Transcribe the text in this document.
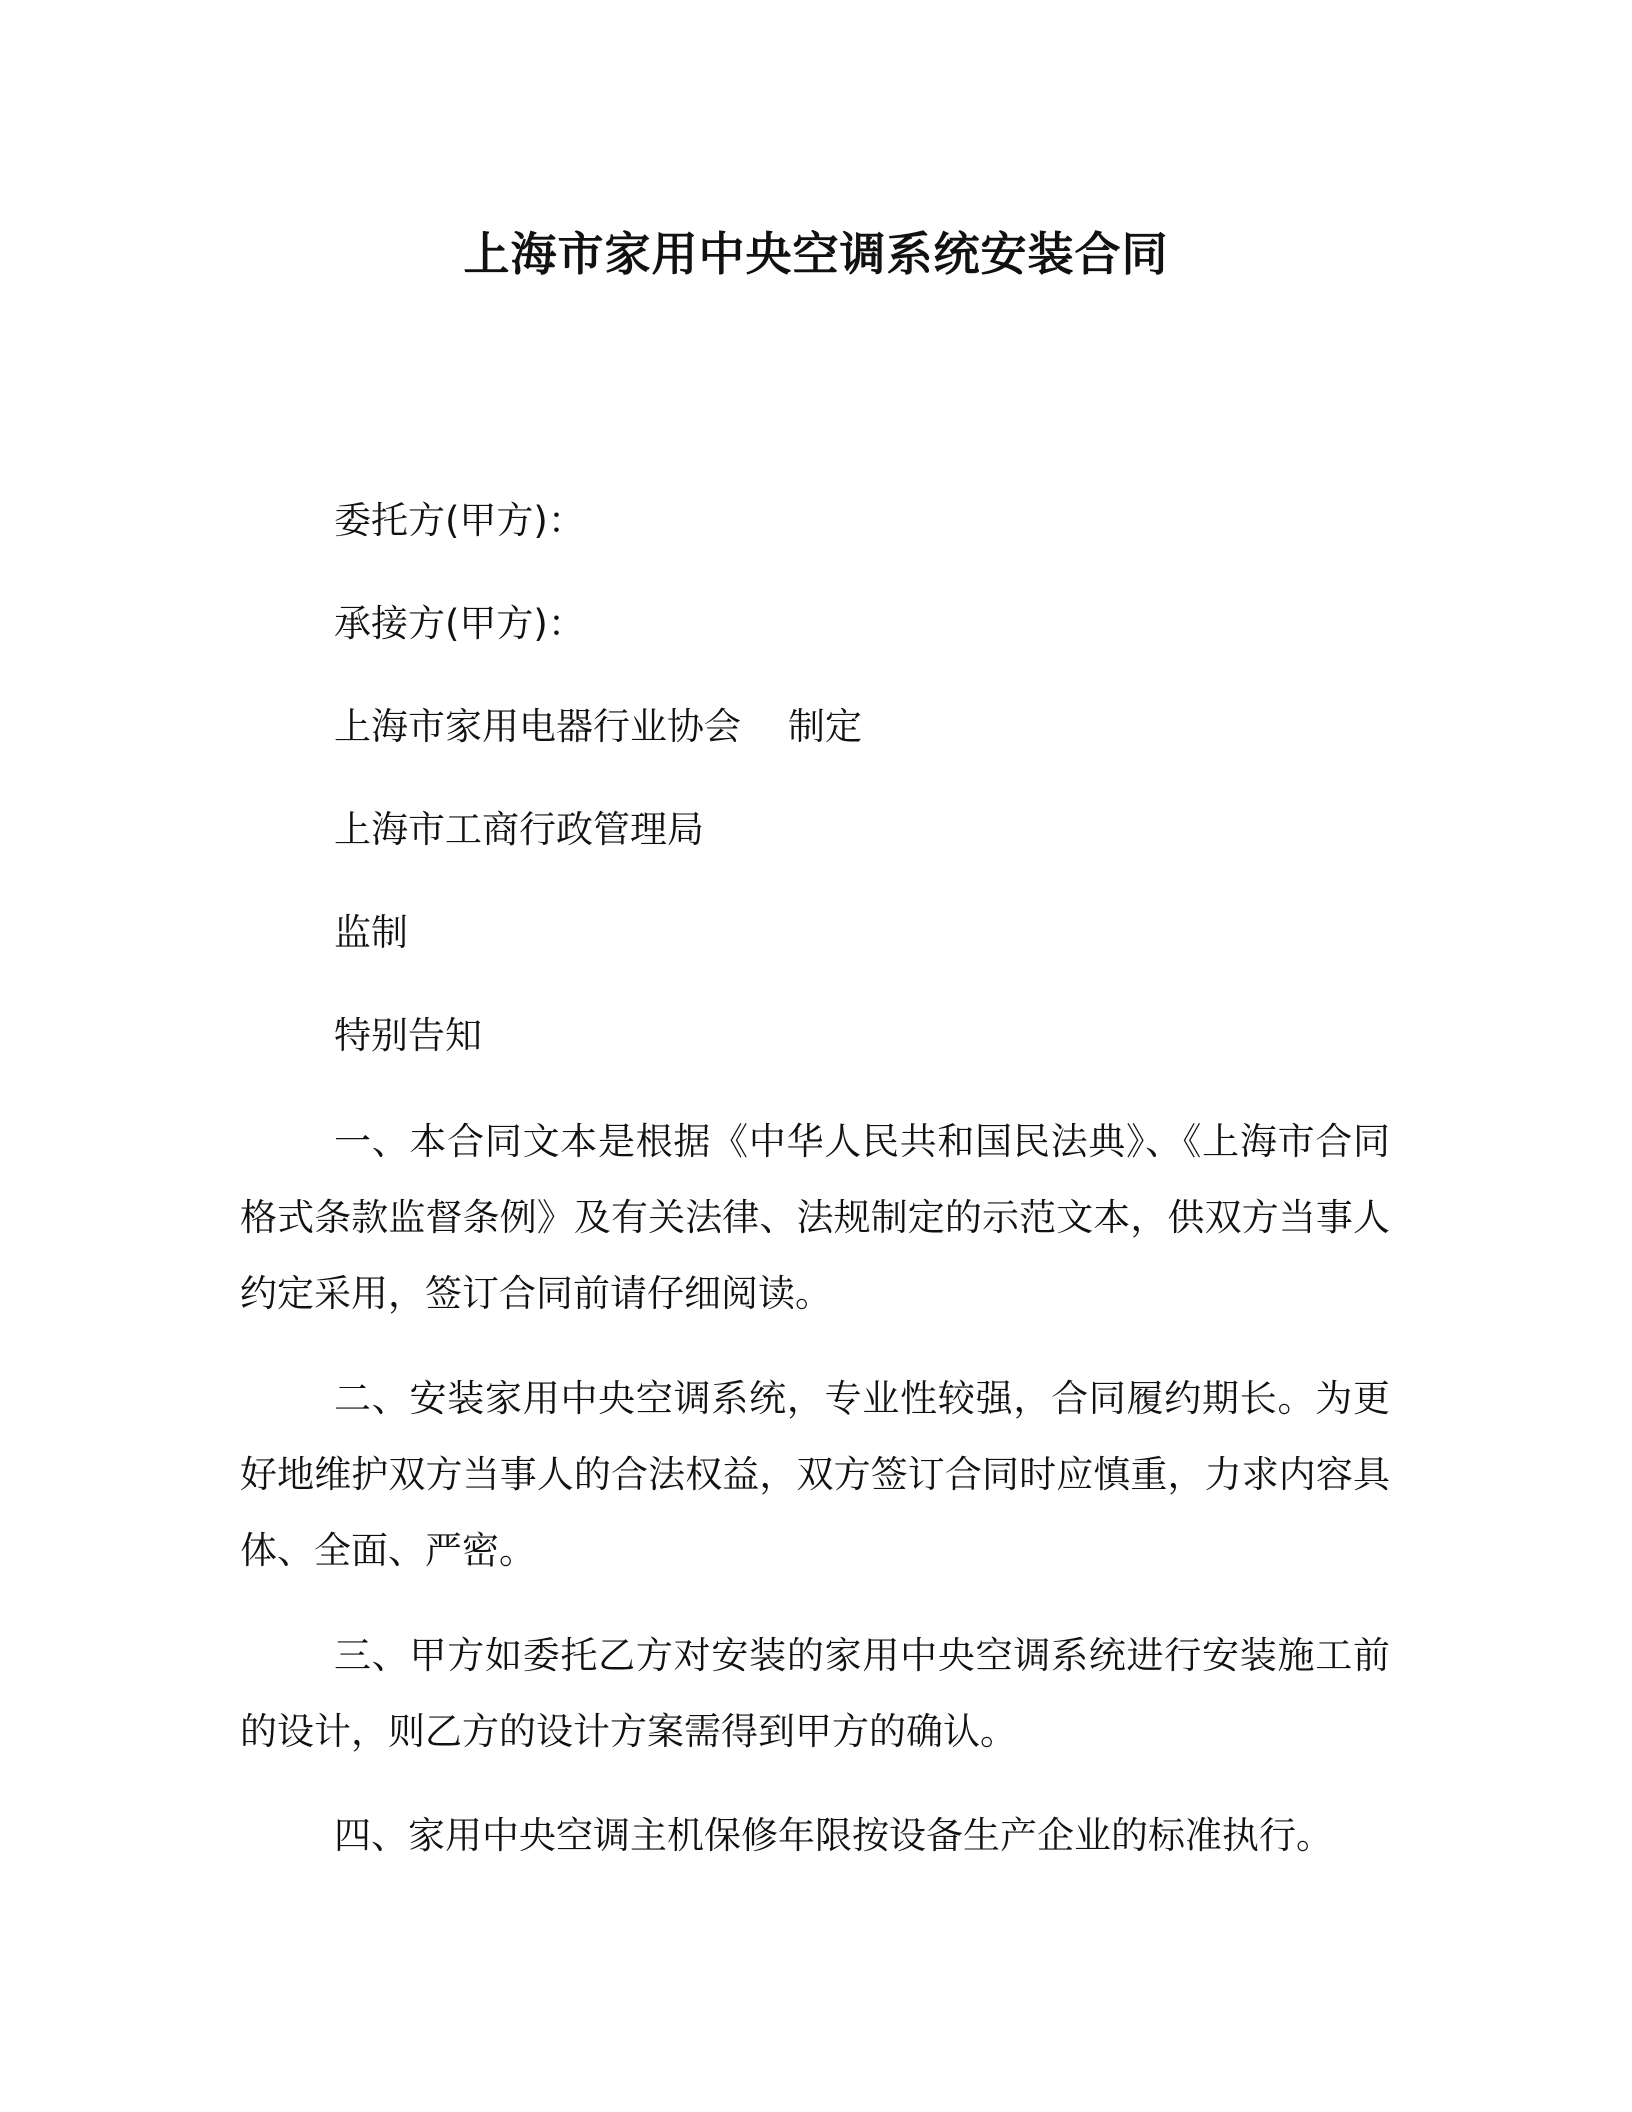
上海市家用中央空调系统安装合同

委托方(甲方)：

承接方(甲方)：

上海市家用电器行业协会    制定

上海市工商行政管理局

监制

特别告知

一、本合同文本是根据《中华人民共和国民法典》、《上海市合同格式条款监督条例》及有关法律、法规制定的示范文本，供双方当事人约定采用，签订合同前请仔细阅读。

二、安装家用中央空调系统，专业性较强，合同履约期长。为更好地维护双方当事人的合法权益，双方签订合同时应慎重，力求内容具体、全面、严密。

三、甲方如委托乙方对安装的家用中央空调系统进行安装施工前的设计，则乙方的设计方案需得到甲方的确认。

四、家用中央空调主机保修年限按设备生产企业的标准执行。
